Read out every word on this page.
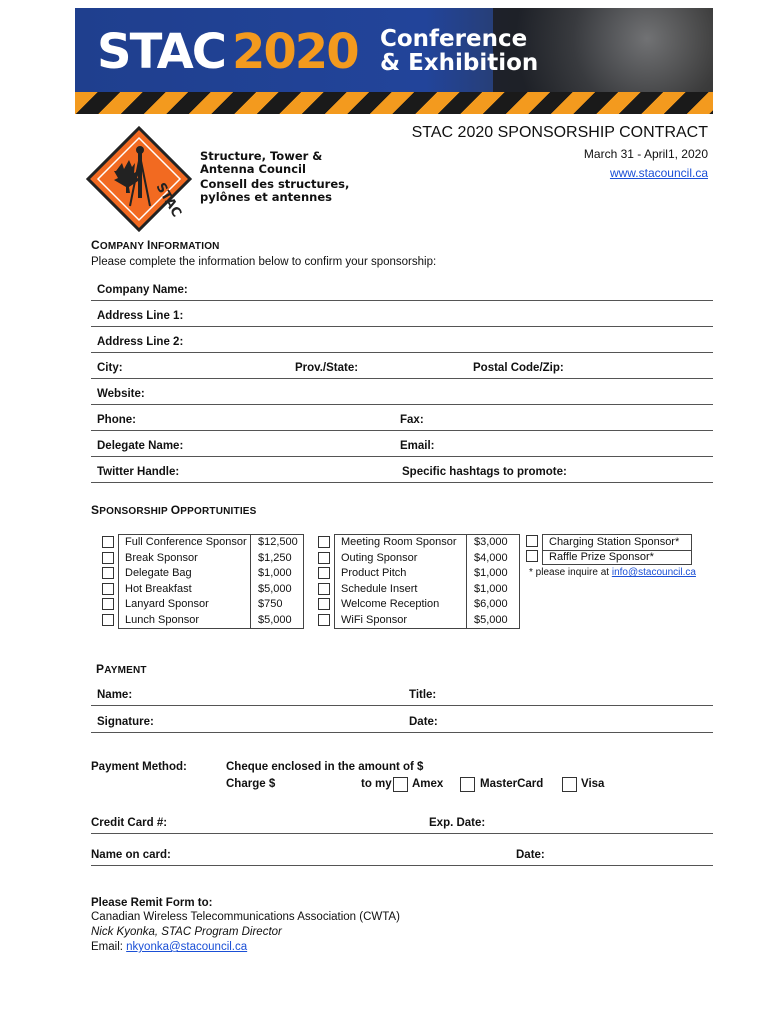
STAC 2020 Conference
& Exhibition
STAC
Structure, Tower &
Antenna Council
Consell des structures,
pylônes et antennes
STAC 2020 SPONSORSHIP CONTRACT
March 31 - April1, 2020
www.stacouncil.ca
COMPANY INFORMATION
Please complete the information below to confirm your sponsorship:
Company Name:
Address Line 1:
Address Line 2:
City:	Prov./State:	Postal Code/Zip:
Website:
Phone:	Fax:
Delegate Name:	Email:
Twitter Handle:	Specific hashtags to promote:
SPONSORSHIP OPPORTUNITIES
Full Conference Sponsor $12,500
Break Sponsor	$1,250
Delegate Bag	$1,000
Hot Breakfast	$5,000
Lanyard Sponsor	$750
Lunch Sponsor	$5,000
Meeting Room Sponsor $3,000
Outing Sponsor	$4,000
Product Pitch	$1,000
Schedule Insert	$1,000
Welcome Reception	$6,000
WiFi Sponsor	$5,000
Charging Station Sponsor*
Raffle Prize Sponsor*
* please inquire at info@stacouncil.ca
PAYMENT
Name:	Title:
Signature:	Date:
Payment Method:	Cheque enclosed in the amount of $
Charge $	to my Amex	MasterCard	Visa
Credit Card #:	Exp. Date:
Name on card:	Date:
Please Remit Form to:
Canadian Wireless Telecommunications Association (CWTA)
Nick Kyonka, STAC Program Director
Email: nkyonka@stacouncil.ca
